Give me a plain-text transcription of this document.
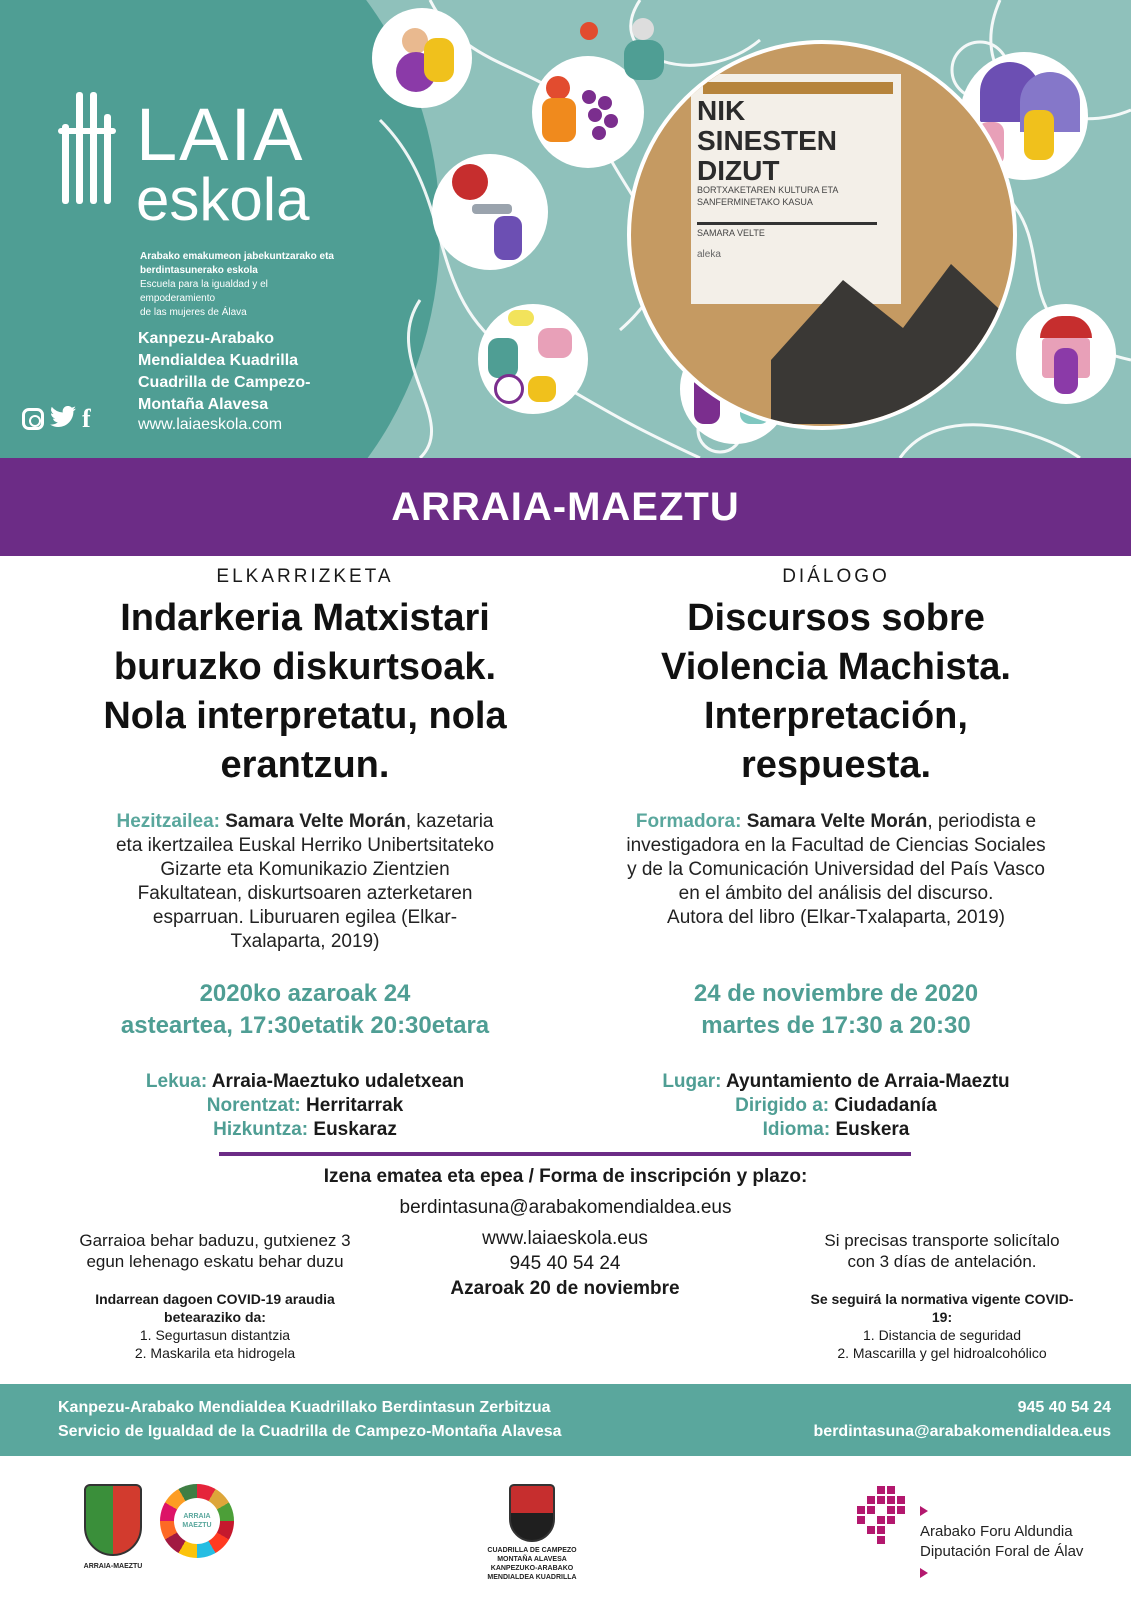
NIK
SINESTEN
DIZUT
BORTXAKETAREN KULTURA ETA SANFERMINETAKO KASUA
SAMARA VELTE
aleka
LAIA
eskola
Arabako emakumeon jabekuntzarako eta
berdintasunerako eskola
Escuela para la igualdad y el empoderamiento
de las mujeres de Álava
Kanpezu-Arabako
Mendialdea Kuadrilla
Cuadrilla de Campezo-
Montaña Alavesa
www.laiaeskola.com
f
ARRAIA-MAEZTU
ELKARRIZKETA
Indarkeria Matxistari
buruzko diskurtsoak.
Nola interpretatu, nola
erantzun.
Hezitzailea: Samara Velte Morán, kazetaria
eta ikertzailea Euskal Herriko Unibertsitateko
Gizarte eta Komunikazio Zientzien
Fakultatean, diskurtsoaren azterketaren
esparruan. Liburuaren egilea (Elkar-
Txalaparta, 2019)
2020ko azaroak 24
asteartea, 17:30etatik 20:30etara
Lekua: Arraia-Maeztuko udaletxean
Norentzat: Herritarrak
Hizkuntza: Euskaraz
DIÁLOGO
Discursos sobre
Violencia Machista.
Interpretación,
respuesta.
Formadora: Samara Velte Morán, periodista e
investigadora en la Facultad de Ciencias Sociales
y de la Comunicación Universidad del País Vasco
en el ámbito del análisis del discurso.
Autora del libro (Elkar-Txalaparta, 2019)
24 de noviembre de 2020
martes de 17:30 a 20:30
Lugar: Ayuntamiento de Arraia-Maeztu
Dirigido a: Ciudadanía
Idioma: Euskera
Izena ematea eta epea / Forma de inscripción y plazo:
berdintasuna@arabakomendialdea.eus
www.laiaeskola.eus
945 40 54 24
Azaroak 20 de noviembre
Garraioa behar baduzu, gutxienez 3
egun lehenago eskatu behar duzu
Si precisas transporte solicítalo
con 3 días de antelación.
Indarrean dagoen COVID-19 araudia
betearaziko da:
1. Segurtasun distantzia
2. Maskarila eta hidrogela
Se seguirá la normativa vigente COVID-
19:
1. Distancia de seguridad
2. Mascarilla y gel hidroalcohólico
Kanpezu-Arabako Mendialdea Kuadrillako Berdintasun Zerbitzua
Servicio de Igualdad de la Cuadrilla de Campezo-Montaña Alavesa
945 40 54 24
berdintasuna@arabakomendialdea.eus
ARRAIA-MAEZTU
ARRAIA MAEZTU
CUADRILLA DE CAMPEZO
MONTAÑA ALAVESA
KANPEZUKO-ARABAKO
MENDIALDEA KUADRILLA
Arabako Foru Aldundia
Diputación Foral de Álav
